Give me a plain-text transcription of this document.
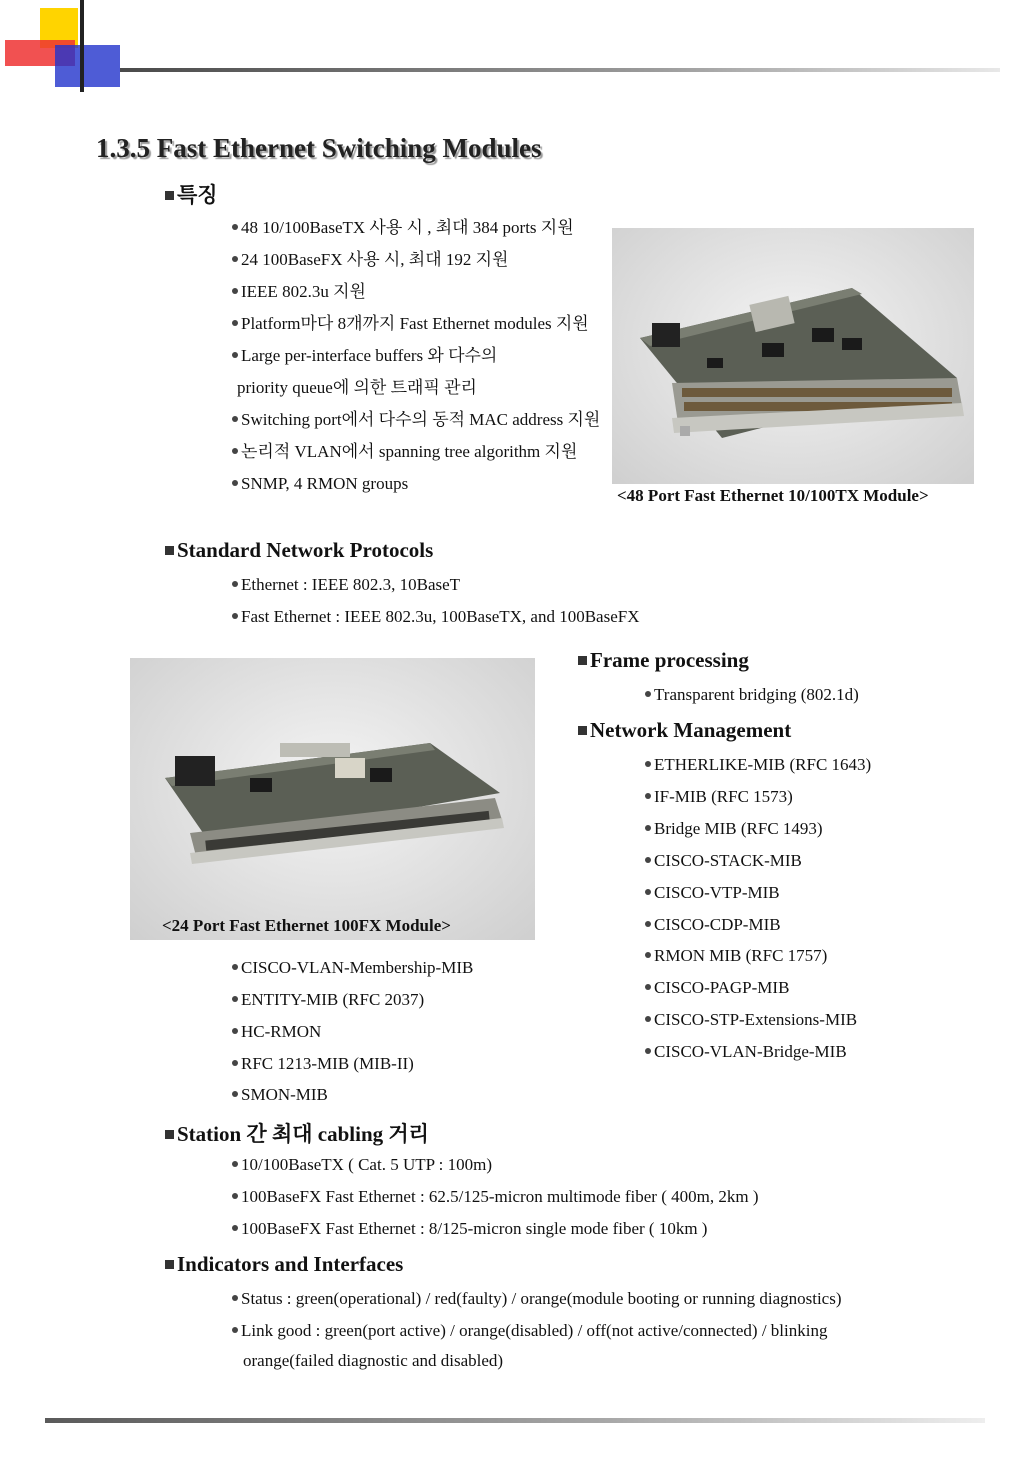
1.3.5 Fast Ethernet Switching Modules
특징
48 10/100BaseTX 사용 시 , 최대 384 ports 지원
24 100BaseFX 사용 시, 최대 192 지원
IEEE 802.3u 지원
Platform마다 8개까지 Fast Ethernet modules 지원
Large per-interface buffers 와 다수의
priority queue에 의한 트래픽 관리
Switching port에서 다수의 동적 MAC address 지원
논리적 VLAN에서 spanning tree algorithm 지원
SNMP, 4 RMON groups
<48 Port Fast Ethernet 10/100TX Module>
Standard Network Protocols
Ethernet : IEEE 802.3, 10BaseT
Fast Ethernet : IEEE 802.3u, 100BaseTX, and 100BaseFX
<24 Port Fast Ethernet 100FX Module>
Frame processing
Transparent bridging (802.1d)
Network Management
ETHERLIKE-MIB (RFC 1643)
IF-MIB (RFC 1573)
Bridge MIB (RFC 1493)
CISCO-STACK-MIB
CISCO-VTP-MIB
CISCO-CDP-MIB
RMON MIB (RFC 1757)
CISCO-PAGP-MIB
CISCO-STP-Extensions-MIB
CISCO-VLAN-Bridge-MIB
CISCO-VLAN-Membership-MIB
ENTITY-MIB (RFC 2037)
HC-RMON
RFC 1213-MIB (MIB-II)
SMON-MIB
Station 간 최대 cabling 거리
10/100BaseTX ( Cat. 5 UTP : 100m)
100BaseFX Fast Ethernet : 62.5/125-micron multimode fiber ( 400m, 2km )
100BaseFX Fast Ethernet : 8/125-micron single mode fiber ( 10km )
Indicators and Interfaces
Status : green(operational) / red(faulty) / orange(module booting or running diagnostics)
Link good : green(port active) / orange(disabled) / off(not active/connected) / blinking
orange(failed diagnostic and disabled)
